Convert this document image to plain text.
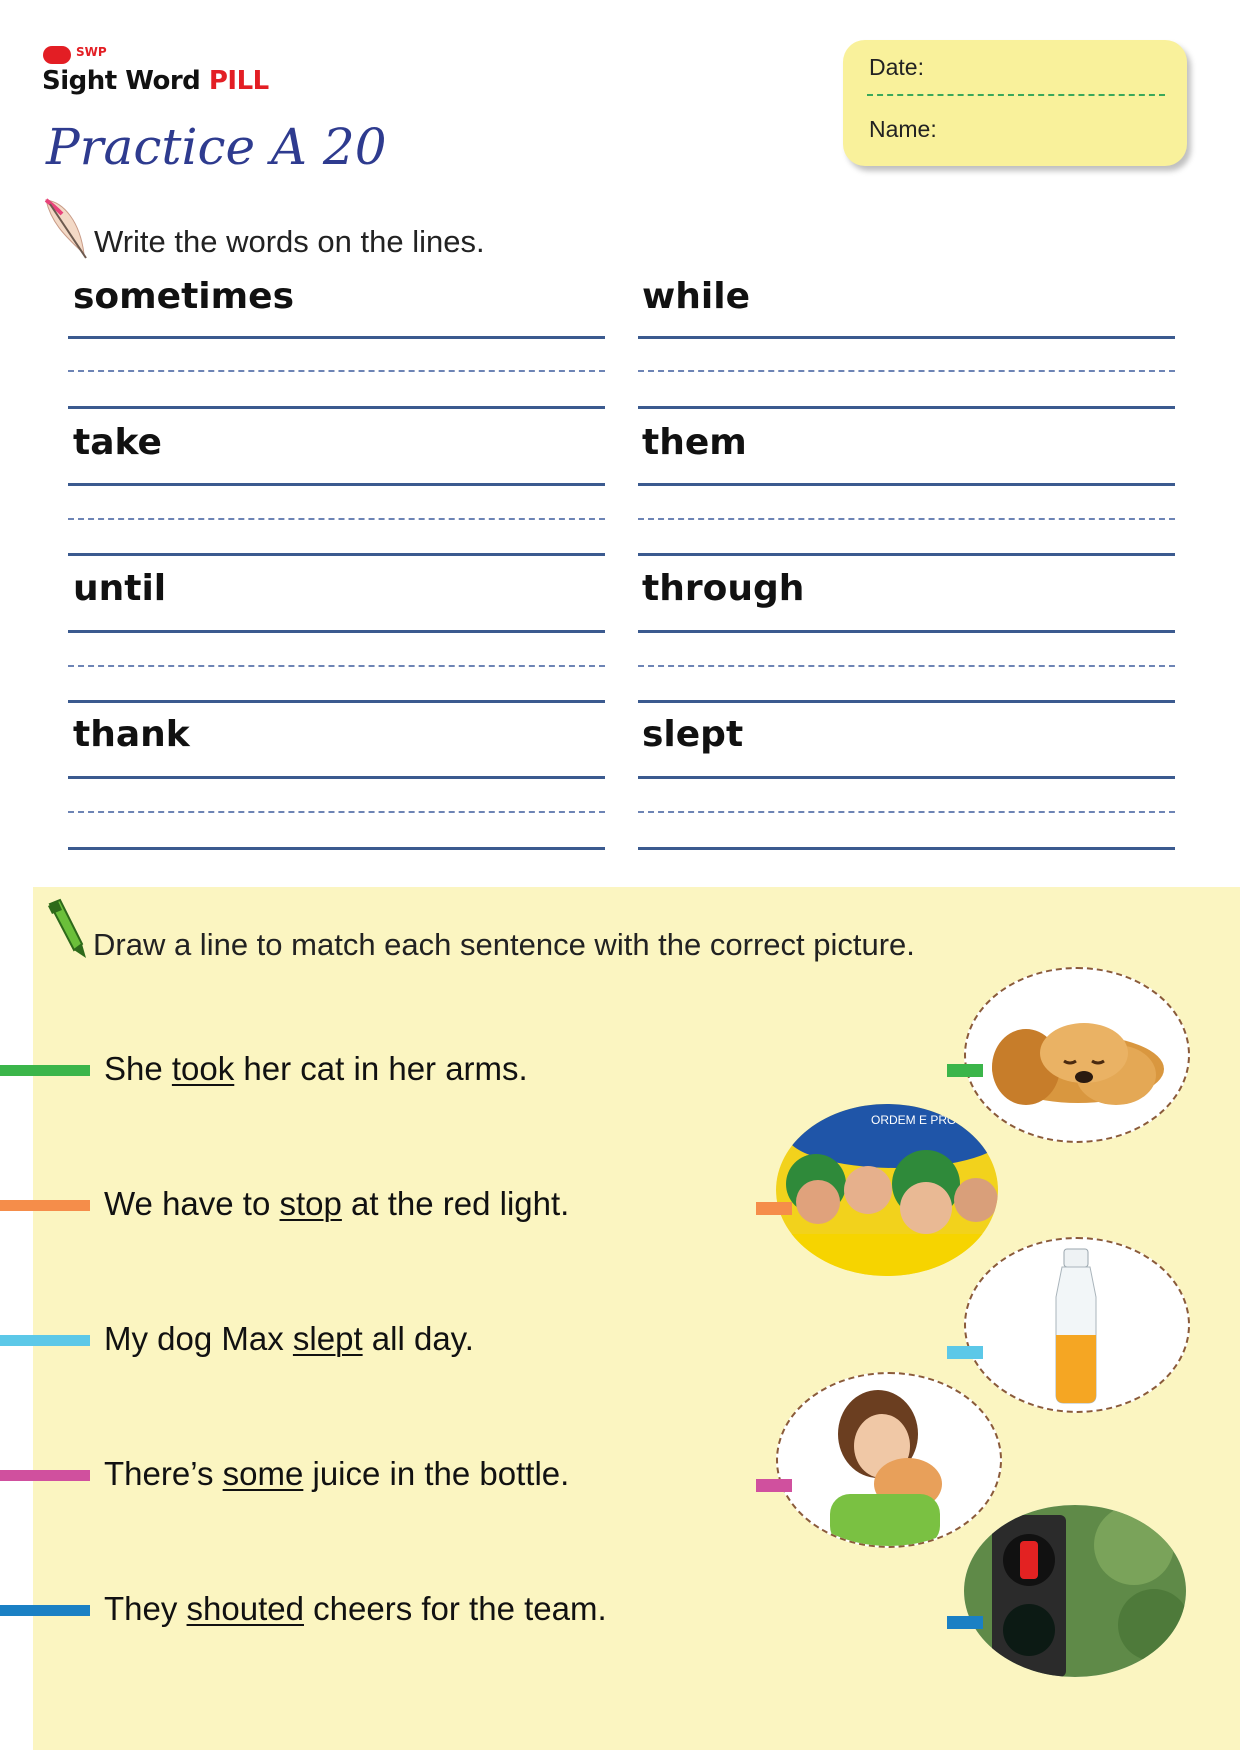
SWP
Sight Word PILL
Practice A 20
Date:
Name:
Write the words on the lines.
sometimes
take
until
thank
while
them
through
slept
Draw a line to match each sentence with the correct picture.
She took her cat in her arms.
We have to stop at the red light.
My dog Max slept all day.
There’s some juice in the bottle.
They shouted cheers for the team.
ORDEM E PRO
